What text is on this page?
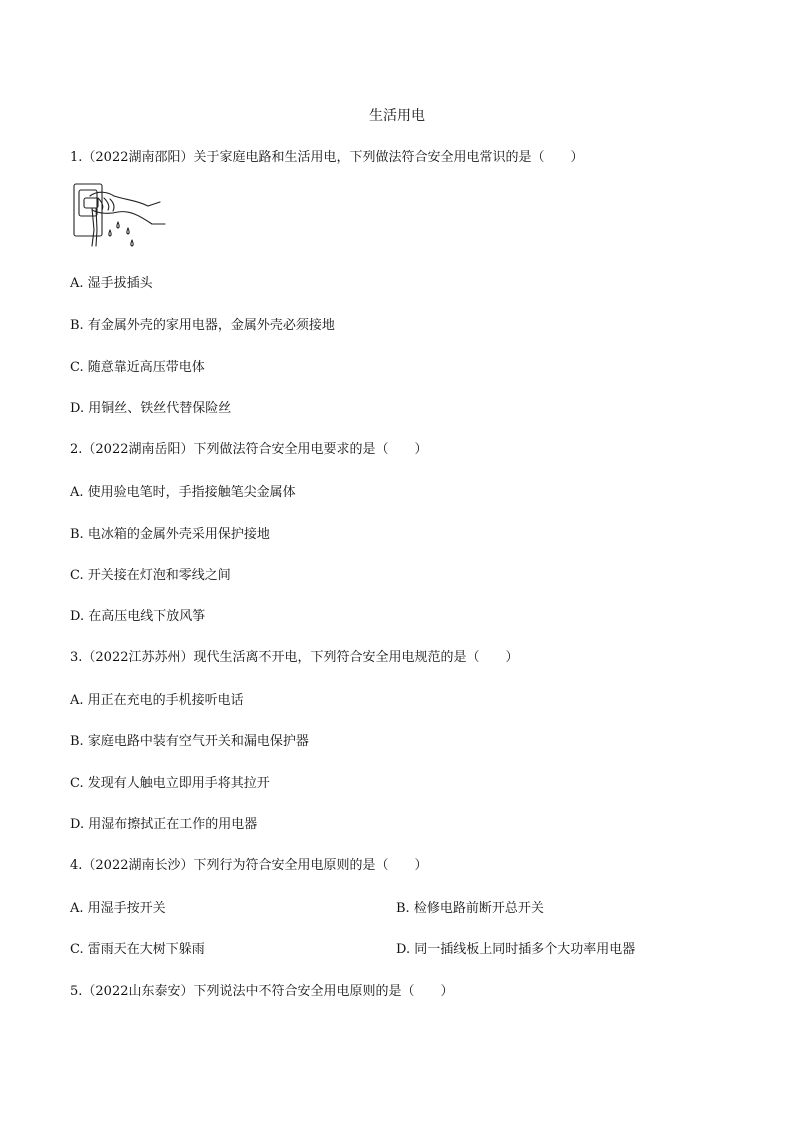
生活用电
1.（2022湖南邵阳）关于家庭电路和生活用电，下列做法符合安全用电常识的是（　　）
A. 湿手拔插头
B. 有金属外壳的家用电器，金属外壳必须接地
C. 随意靠近高压带电体
D. 用铜丝、铁丝代替保险丝
2.（2022湖南岳阳）下列做法符合安全用电要求的是（　　）
A. 使用验电笔时，手指接触笔尖金属体
B. 电冰箱的金属外壳采用保护接地
C. 开关接在灯泡和零线之间
D. 在高压电线下放风筝
3.（2022江苏苏州）现代生活离不开电，下列符合安全用电规范的是（　　）
A. 用正在充电的手机接听电话
B. 家庭电路中装有空气开关和漏电保护器
C. 发现有人触电立即用手将其拉开
D. 用湿布擦拭正在工作的用电器
4.（2022湖南长沙）下列行为符合安全用电原则的是（　　）
A. 用湿手按开关	B. 检修电路前断开总开关
C. 雷雨天在大树下躲雨	D. 同一插线板上同时插多个大功率用电器
5.（2022山东泰安）下列说法中不符合安全用电原则的是（　　）
